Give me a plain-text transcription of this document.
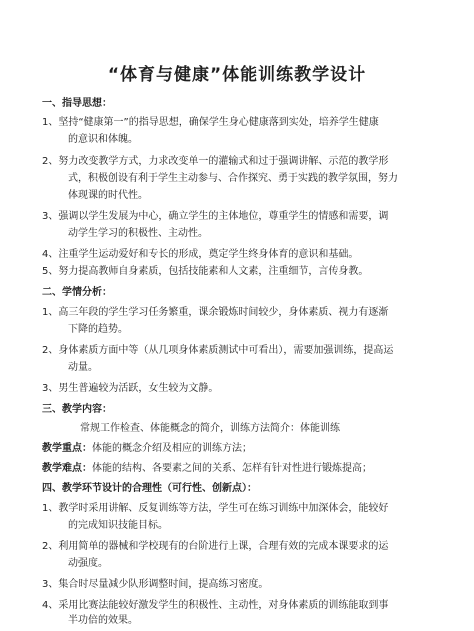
“体育与健康”体能训练教学设计
一、指导思想：
1、坚持“健康第一”的指导思想，确保学生身心健康落到实处，培养学生健康
的意识和体魄。
2、努力改变教学方式，力求改变单一的灌输式和过于强调讲解、示范的教学形
式，积极创设有利于学生主动参与、合作探究、勇于实践的教学氛围，努力
体现课的时代性。
3、强调以学生发展为中心，确立学生的主体地位，尊重学生的情感和需要，调
动学生学习的积极性、主动性。
4、注重学生运动爱好和专长的形成，奠定学生终身体育的意识和基础。
5、努力提高教师自身素质，包括技能素和人文素，注重细节，言传身教。
二、学情分析：
1、高三年段的学生学习任务繁重，课余锻炼时间较少，身体素质、视力有逐渐
下降的趋势。
2、身体素质方面中等（从几项身体素质测试中可看出），需要加强训练，提高运
动量。
3、男生普遍较为活跃，女生较为文静。
三、教学内容：
常规工作检查、体能概念的简介，训练方法简介：体能训练
教学重点：体能的概念介绍及相应的训练方法；
教学难点：体能的结构、各要素之间的关系、怎样有针对性进行锻炼提高；
四、教学环节设计的合理性（可行性、创新点）：
1、教学时采用讲解、反复训练等方法，学生可在练习训练中加深体会，能较好
的完成知识技能目标。
2、利用简单的器械和学校现有的台阶进行上课，合理有效的完成本课要求的运
动强度。
3、集合时尽量减少队形调整时间，提高练习密度。
4、采用比赛法能较好激发学生的积极性、主动性，对身体素质的训练能取到事
半功倍的效果。
